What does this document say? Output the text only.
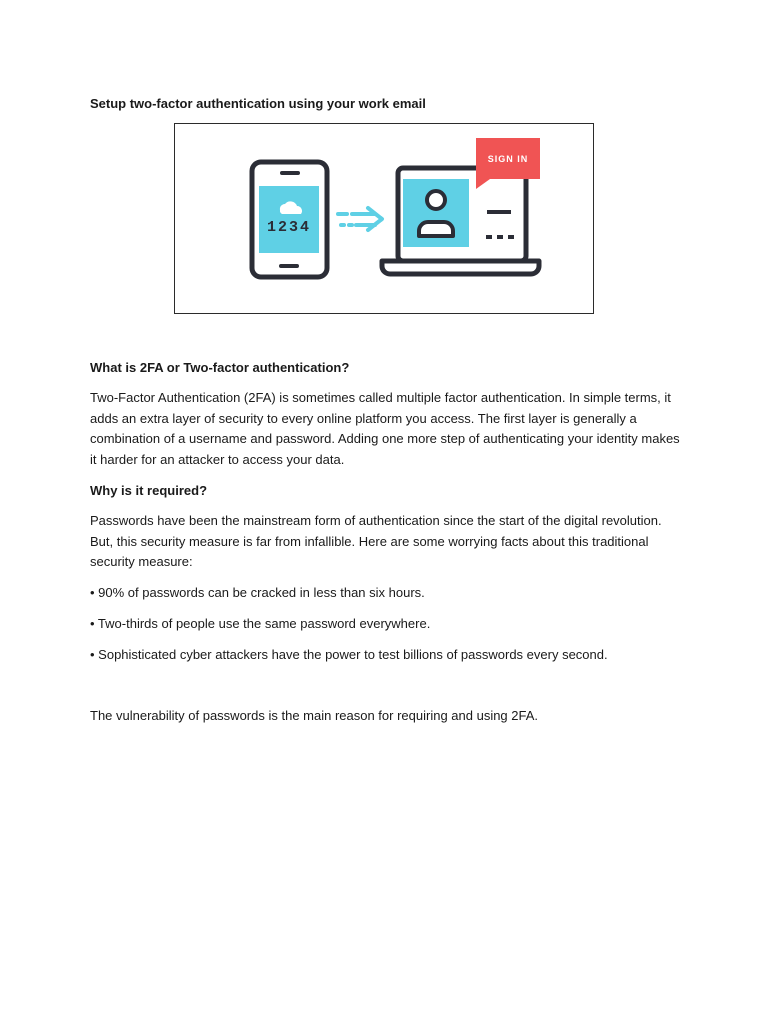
Setup two-factor authentication using your work email

1234
SIGN IN

What is 2FA or Two-factor authentication?

Two-Factor Authentication (2FA) is sometimes called multiple factor authentication. In simple terms, it adds an extra layer of security to every online platform you access. The first layer is generally a combination of a username and password. Adding one more step of authenticating your identity makes it harder for an attacker to access your data.

Why is it required?

Passwords have been the mainstream form of authentication since the start of the digital revolution. But, this security measure is far from infallible. Here are some worrying facts about this traditional security measure:

• 90% of passwords can be cracked in less than six hours.

• Two-thirds of people use the same password everywhere.

• Sophisticated cyber attackers have the power to test billions of passwords every second.

The vulnerability of passwords is the main reason for requiring and using 2FA.
